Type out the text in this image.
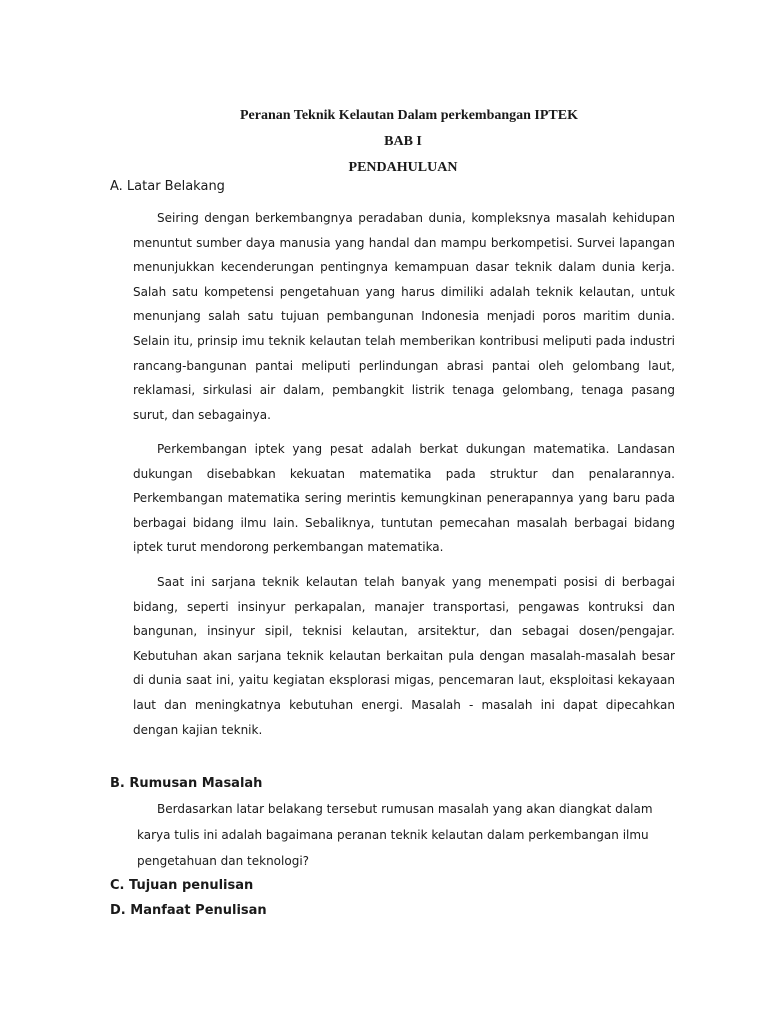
Peranan Teknik Kelautan Dalam perkembangan IPTEK
BAB I
PENDAHULUAN
A. Latar Belakang

Seiring dengan berkembangnya peradaban dunia, kompleksnya masalah kehidupan menuntut sumber daya manusia yang handal dan mampu berkompetisi. Survei lapangan menunjukkan kecenderungan pentingnya kemampuan dasar teknik dalam dunia kerja. Salah satu kompetensi pengetahuan yang harus dimiliki adalah teknik kelautan, untuk menunjang salah satu tujuan pembangunan Indonesia menjadi poros maritim dunia. Selain itu, prinsip imu teknik kelautan telah memberikan kontribusi meliputi pada industri rancang-bangunan pantai meliputi perlindungan abrasi pantai oleh gelombang laut, reklamasi, sirkulasi air dalam, pembangkit listrik tenaga gelombang, tenaga pasang surut, dan sebagainya.

Perkembangan iptek yang pesat adalah berkat dukungan matematika. Landasan dukungan disebabkan kekuatan matematika pada struktur dan penalarannya. Perkembangan matematika sering merintis kemungkinan penerapannya yang baru pada berbagai bidang ilmu lain. Sebaliknya, tuntutan pemecahan masalah berbagai bidang iptek turut mendorong perkembangan matematika.

Saat ini sarjana teknik kelautan telah banyak yang menempati posisi di berbagai bidang, seperti insinyur perkapalan, manajer transportasi, pengawas kontruksi dan bangunan, insinyur sipil, teknisi kelautan, arsitektur, dan sebagai dosen/pengajar. Kebutuhan akan sarjana teknik kelautan berkaitan pula dengan masalah-masalah besar di dunia saat ini, yaitu kegiatan eksplorasi migas, pencemaran laut, eksploitasi kekayaan laut dan meningkatnya kebutuhan energi. Masalah - masalah ini dapat dipecahkan dengan kajian teknik.

B. Rumusan Masalah

Berdasarkan latar belakang tersebut rumusan masalah yang akan diangkat dalam karya tulis ini adalah bagaimana peranan teknik kelautan dalam perkembangan ilmu pengetahuan dan teknologi?

C. Tujuan penulisan
D. Manfaat Penulisan
